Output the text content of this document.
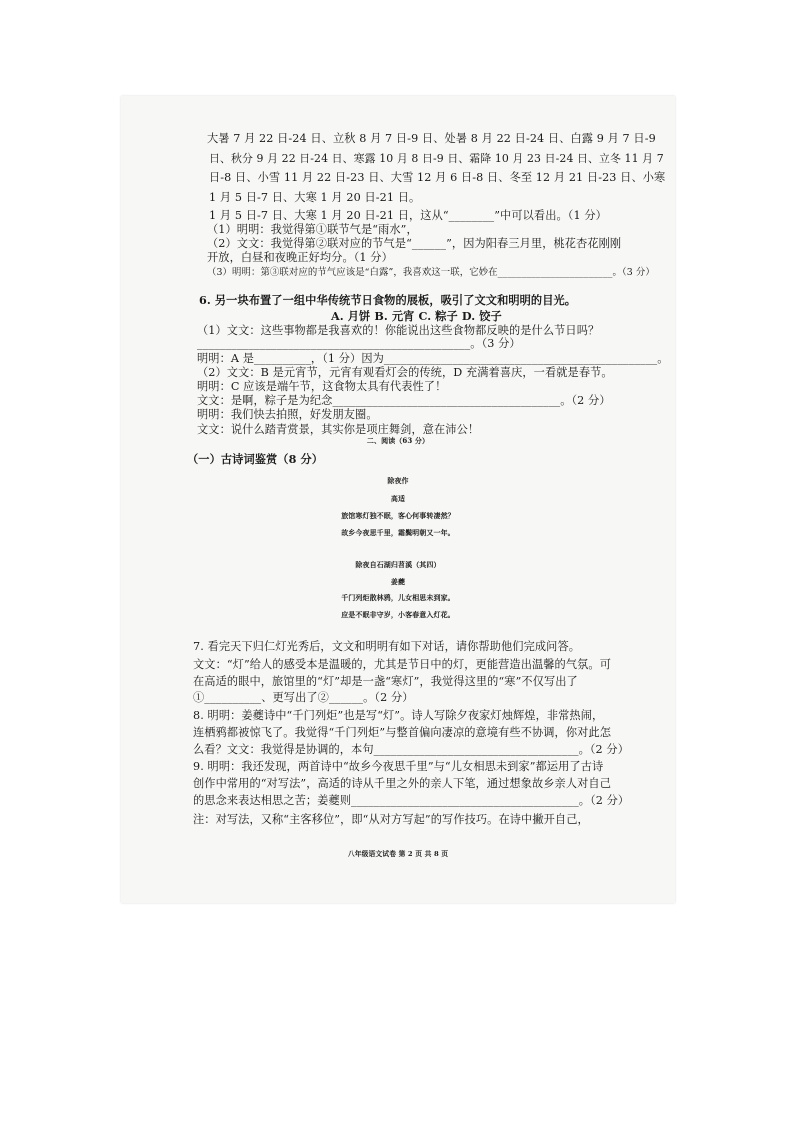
大暑 7 月 22 日-24 日、立秋 8 月 7 日-9 日、处暑 8 月 22 日-24 日、白露 9 月 7 日-9
日、秋分 9 月 22 日-24 日、寒露 10 月 8 日-9 日、霜降 10 月 23 日-24 日、立冬 11 月 7
日-8 日、小雪 11 月 22 日-23 日、大雪 12 月 6 日-8 日、冬至 12 月 21 日-23 日、小寒
1 月 5 日-7 日、大寒 1 月 20 日-21 日。
1 月 5 日-7 日、大寒 1 月 20 日-21 日，这从“________”中可以看出。（1 分）
（1）明明：我觉得第①联节气是“雨水”，
（2）文文：我觉得第②联对应的节气是“______”，因为阳春三月里，桃花杏花刚刚
开放，白昼和夜晚正好均分。（1 分）
（3）明明：第③联对应的节气应该是“白露”，我喜欢这一联，它妙在________________________。（3 分）
6. 另一块布置了一组中华传统节日食物的展板，吸引了文文和明明的目光。
A. 月饼 B. 元宵 C. 粽子 D. 饺子
（1）文文：这些事物都是我喜欢的！你能说出这些食物都反映的是什么节日吗？
________________________________________________。（3 分）
明明：A 是__________，（1 分）因为________________________________________________。
（2）文文：B 是元宵节，元宵有观看灯会的传统，D 充满着喜庆，一看就是春节。
明明：C 应该是端午节，这食物太具有代表性了！
文文：是啊，粽子是为纪念________________________________________。（2 分）
明明：我们快去拍照，好发朋友圈。
文文：说什么踏青赏景，其实你是项庄舞剑，意在沛公！
二、阅读（63 分）
（一）古诗词鉴赏（8 分）
除夜作
高适
旅馆寒灯独不眠，客心何事转凄然？
故乡今夜思千里，霜鬓明朝又一年。
除夜自石湖归苕溪（其四）
姜夔
千门列炬散林鸦，儿女相思未到家。
应是不眠非守岁，小客春意入灯花。
7. 看完天下归仁灯光秀后，文文和明明有如下对话，请你帮助他们完成问答。
文文：“灯”给人的感受本是温暖的，尤其是节日中的灯，更能营造出温馨的气氛。可
在高适的眼中，旅馆里的“灯”却是一盏“寒灯”，我觉得这里的“寒”不仅写出了
①__________、更写出了②______。（2 分）
8. 明明：姜夔诗中“千门列炬”也是写“灯”。诗人写除夕夜家灯烛辉煌，非常热闹，
连栖鸦都被惊飞了。我觉得“千门列炬”与整首偏向凄凉的意境有些不协调，你对此怎
么看？文文：我觉得是协调的，本句____________________________________。（2 分）
9. 明明：我还发现，两首诗中“故乡今夜思千里”与“儿女相思未到家”都运用了古诗
创作中常用的“对写法”，高适的诗从千里之外的亲人下笔，通过想象故乡亲人对自己
的思念来表达相思之苦；姜夔则________________________________________。（2 分）
注：对写法，又称“主客移位”，即“从对方写起”的写作技巧。在诗中撇开自己，
八年级语文试卷 第 2 页 共 8 页
